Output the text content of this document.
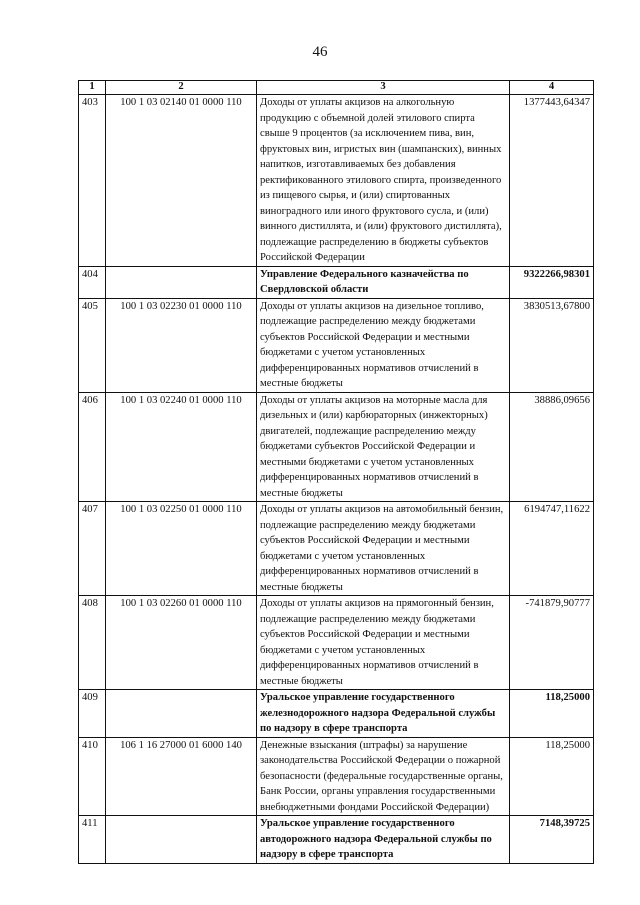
46
1	2	3	4
403	100 1 03 02140 01 0000 110	Доходы от уплаты акцизов на алкогольную продукцию с объемной долей этилового спирта свыше 9 процентов (за исключением пива, вин, фруктовых вин, игристых вин (шампанских), винных напитков, изготавливаемых без добавления ректификованного этилового спирта, произведенного из пищевого сырья, и (или) спиртованных виноградного или иного фруктового сусла, и (или) винного дистиллята, и (или) фруктового дистиллята), подлежащие распределению в бюджеты субъектов Российской Федерации	1377443,64347
404		Управление Федерального казначейства по Свердловской области	9322266,98301
405	100 1 03 02230 01 0000 110	Доходы от уплаты акцизов на дизельное топливо, подлежащие распределению между бюджетами субъектов Российской Федерации и местными бюджетами с учетом установленных дифференцированных нормативов отчислений в местные бюджеты	3830513,67800
406	100 1 03 02240 01 0000 110	Доходы от уплаты акцизов на моторные масла для дизельных и (или) карбюраторных (инжекторных) двигателей, подлежащие распределению между бюджетами субъектов Российской Федерации и местными бюджетами с учетом установленных дифференцированных нормативов отчислений в местные бюджеты	38886,09656
407	100 1 03 02250 01 0000 110	Доходы от уплаты акцизов на автомобильный бензин, подлежащие распределению между бюджетами субъектов Российской Федерации и местными бюджетами с учетом установленных дифференцированных нормативов отчислений в местные бюджеты	6194747,11622
408	100 1 03 02260 01 0000 110	Доходы от уплаты акцизов на прямогонный бензин, подлежащие распределению между бюджетами субъектов Российской Федерации и местными бюджетами с учетом установленных дифференцированных нормативов отчислений в местные бюджеты	-741879,90777
409		Уральское управление государственного железнодорожного надзора Федеральной службы по надзору в сфере транспорта	118,25000
410	106 1 16 27000 01 6000 140	Денежные взыскания (штрафы) за нарушение законодательства Российской Федерации о пожарной безопасности (федеральные государственные органы, Банк России, органы управления государственными внебюджетными фондами Российской Федерации)	118,25000
411		Уральское управление государственного автодорожного надзора Федеральной службы по надзору в сфере транспорта	7148,39725
